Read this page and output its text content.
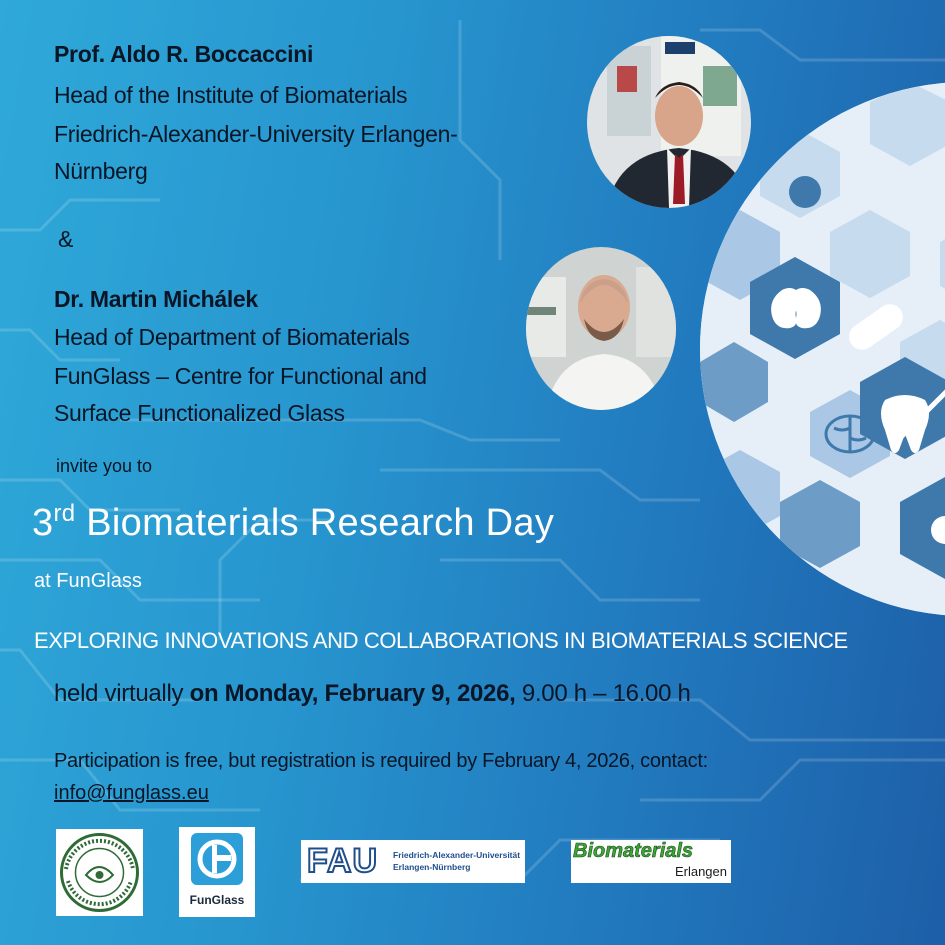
Prof. Aldo R. Boccaccini
Head of the Institute of Biomaterials
Friedrich-Alexander-University Erlangen-
Nürnberg
&
Dr. Martin Michálek
Head of Department of Biomaterials
FunGlass – Centre for Functional and
Surface Functionalized Glass
invite you to
3rd Biomaterials Research Day
at FunGlass
EXPLORING INNOVATIONS AND COLLABORATIONS IN BIOMATERIALS SCIENCE
held virtually on Monday, February 9, 2026, 9.00 h – 16.00 h
Participation is free, but registration is required by February 4, 2026, contact:
info@funglass.eu
FunGlass
FAU Friedrich-Alexander-Universität
Erlangen-Nürnberg
Biomaterials
Erlangen
